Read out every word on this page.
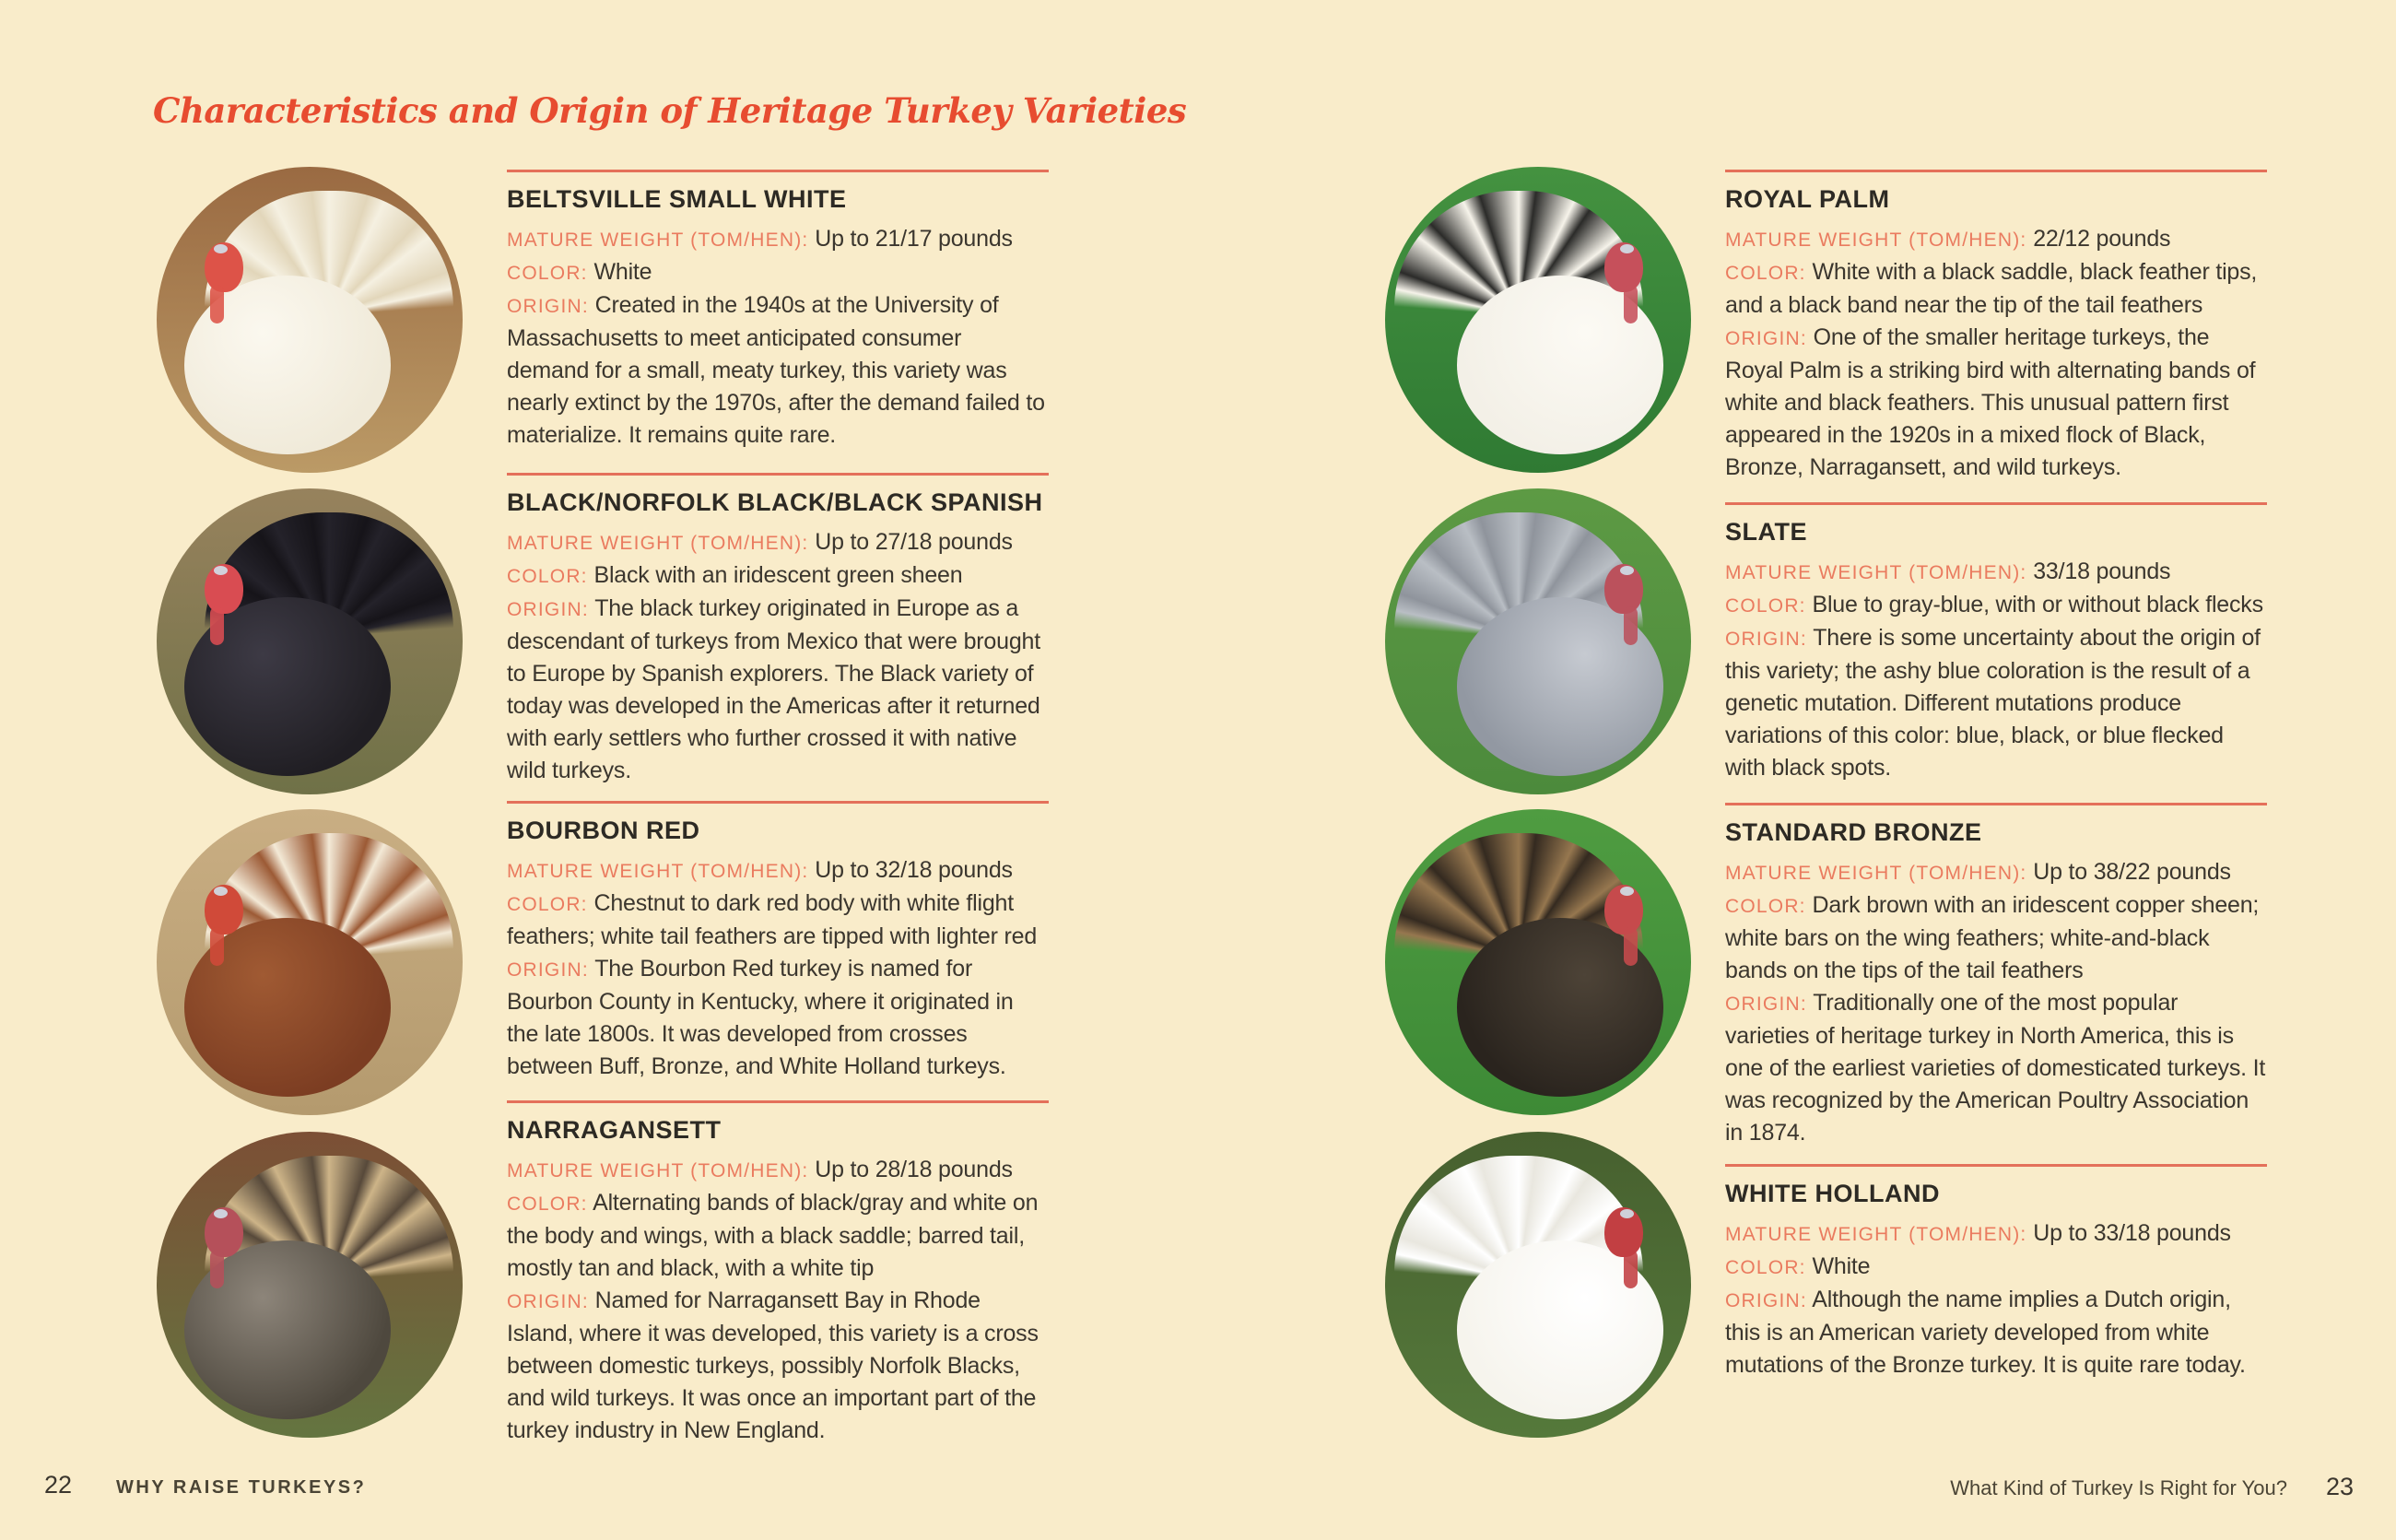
Characteristics and Origin of Heritage Turkey Varieties
BELTSVILLE SMALL WHITE

MATURE WEIGHT (TOM/HEN): Up to 21/17 pounds

COLOR: White

ORIGIN: Created in the 1940s at the University of Massachusetts to meet anticipated consumer demand for a small, meaty turkey, this variety was nearly extinct by the 1970s, after the demand failed to materialize. It remains quite rare.

BLACK/NORFOLK BLACK/BLACK SPANISH

MATURE WEIGHT (TOM/HEN): Up to 27/18 pounds

COLOR: Black with an iridescent green sheen

ORIGIN: The black turkey originated in Europe as a descendant of turkeys from Mexico that were brought to Europe by Spanish explorers. The Black variety of today was developed in the Americas after it returned with early settlers who further crossed it with native wild turkeys.

BOURBON RED

MATURE WEIGHT (TOM/HEN): Up to 32/18 pounds

COLOR: Chestnut to dark red body with white flight feathers; white tail feathers are tipped with lighter red

ORIGIN: The Bourbon Red turkey is named for Bourbon County in Kentucky, where it originated in the late 1800s. It was developed from crosses between Buff, Bronze, and White Holland turkeys.

NARRAGANSETT

MATURE WEIGHT (TOM/HEN): Up to 28/18 pounds

COLOR: Alternating bands of black/gray and white on the body and wings, with a black saddle; barred tail, mostly tan and black, with a white tip

ORIGIN: Named for Narragansett Bay in Rhode Island, where it was developed, this variety is a cross between domestic turkeys, possibly Norfolk Blacks, and wild turkeys. It was once an important part of the turkey industry in New England.

ROYAL PALM

MATURE WEIGHT (TOM/HEN): 22/12 pounds

COLOR: White with a black saddle, black feather tips, and a black band near the tip of the tail feathers

ORIGIN: One of the smaller heritage turkeys, the Royal Palm is a striking bird with alternating bands of white and black feathers. This unusual pattern first appeared in the 1920s in a mixed flock of Black, Bronze, Narragansett, and wild turkeys.

SLATE

MATURE WEIGHT (TOM/HEN): 33/18 pounds

COLOR: Blue to gray-blue, with or without black flecks

ORIGIN: There is some uncertainty about the origin of this variety; the ashy blue coloration is the result of a genetic mutation. Different mutations produce variations of this color: blue, black, or blue flecked with black spots.

STANDARD BRONZE

MATURE WEIGHT (TOM/HEN): Up to 38/22 pounds

COLOR: Dark brown with an iridescent copper sheen; white bars on the wing feathers; white-and-black bands on the tips of the tail feathers

ORIGIN: Traditionally one of the most popular varieties of heritage turkey in North America, this is one of the earliest varieties of domesticated turkeys. It was recognized by the American Poultry Association in 1874.

WHITE HOLLAND

MATURE WEIGHT (TOM/HEN): Up to 33/18 pounds

COLOR: White

ORIGIN: Although the name implies a Dutch origin, this is an American variety developed from white mutations of the Bronze turkey. It is quite rare today.

22 WHY RAISE TURKEYS?	What Kind of Turkey Is Right for You? 23
